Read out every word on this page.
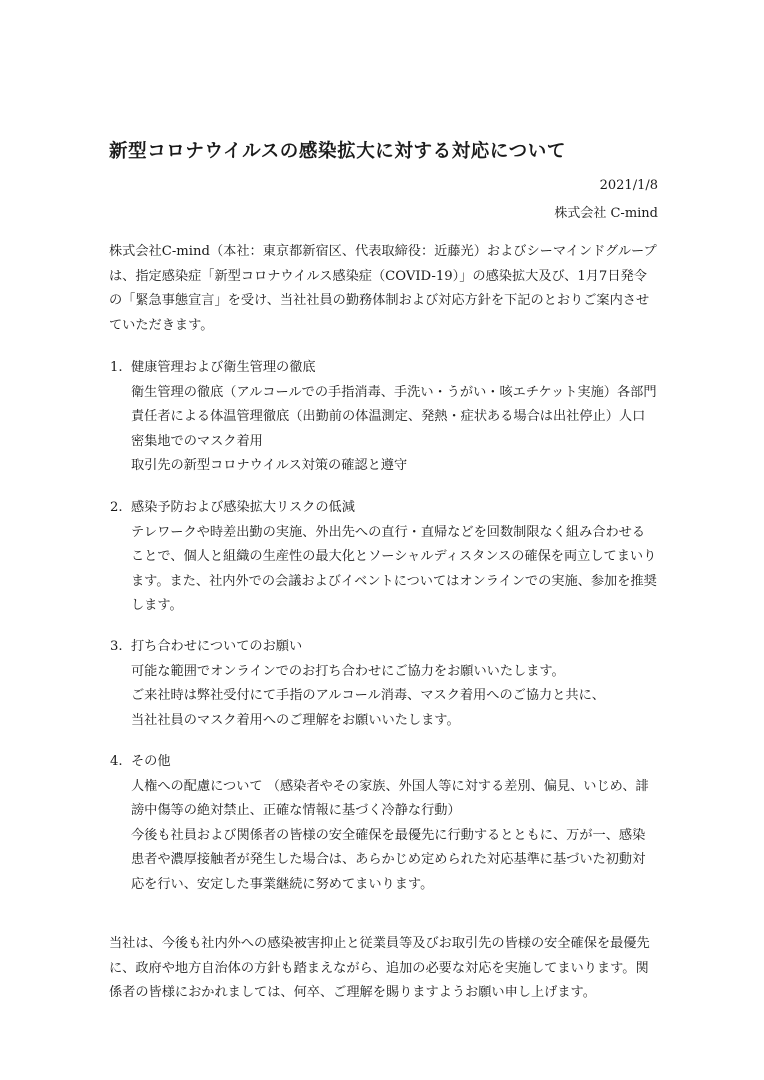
新型コロナウイルスの感染拡大に対する対応について
2021/1/8
株式会社 C-mind

株式会社C-mind（本社：東京都新宿区、代表取締役：近藤光）およびシーマインドグループは、指定感染症「新型コロナウイルス感染症（COVID-19）」の感染拡大及び、1月7日発令の「緊急事態宣言」を受け、当社社員の勤務体制および対応方針を下記のとおりご案内させていただきます。

1. 健康管理および衛生管理の徹底

衛生管理の徹底（アルコールでの手指消毒、手洗い・うがい・咳エチケット実施）各部門責任者による体温管理徹底（出勤前の体温測定、発熱・症状ある場合は出社停止）人口密集地でのマスク着用

取引先の新型コロナウイルス対策の確認と遵守

2. 感染予防および感染拡大リスクの低減

テレワークや時差出勤の実施、外出先への直行・直帰などを回数制限なく組み合わせることで、個人と組織の生産性の最大化とソーシャルディスタンスの確保を両立してまいります。また、社内外での会議およびイベントについてはオンラインでの実施、参加を推奨します。

3. 打ち合わせについてのお願い

可能な範囲でオンラインでのお打ち合わせにご協力をお願いいたします。

ご来社時は弊社受付にて手指のアルコール消毒、マスク着用へのご協力と共に、

当社社員のマスク着用へのご理解をお願いいたします。

4. その他

人権への配慮について （感染者やその家族、外国人等に対する差別、偏見、いじめ、誹謗中傷等の絶対禁止、正確な情報に基づく冷静な行動）

今後も社員および関係者の皆様の安全確保を最優先に行動するとともに、万が一、感染患者や濃厚接触者が発生した場合は、あらかじめ定められた対応基準に基づいた初動対応を行い、安定した事業継続に努めてまいります。

当社は、今後も社内外への感染被害抑止と従業員等及びお取引先の皆様の安全確保を最優先に、政府や地方自治体の方針も踏まえながら、追加の必要な対応を実施してまいります。関係者の皆様におかれましては、何卒、ご理解を賜りますようお願い申し上げます。
